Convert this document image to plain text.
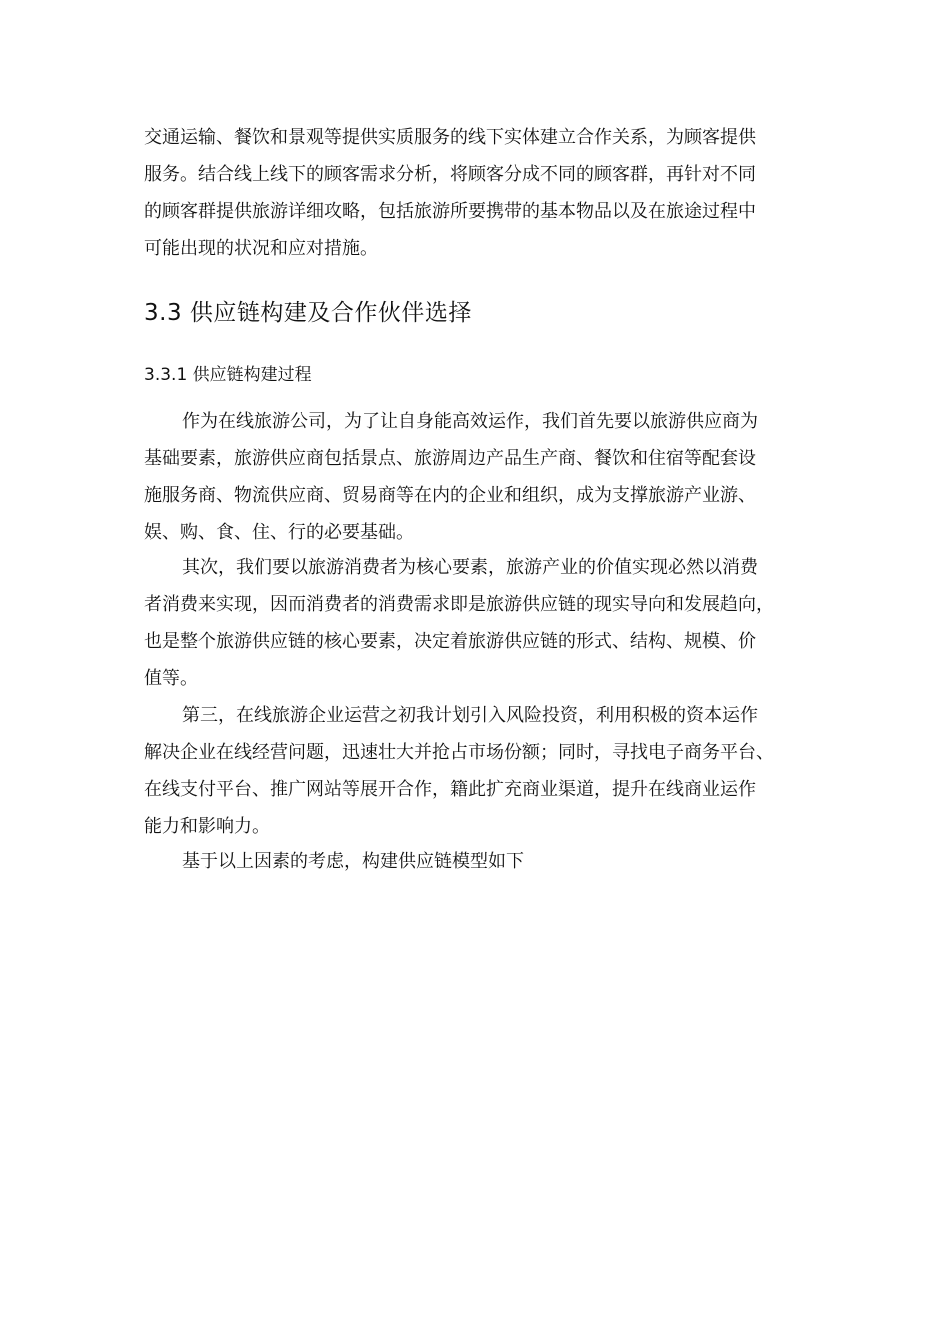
交通运输、餐饮和景观等提供实质服务的线下实体建立合作关系，为顾客提供
服务。结合线上线下的顾客需求分析，将顾客分成不同的顾客群，再针对不同
的顾客群提供旅游详细攻略，包括旅游所要携带的基本物品以及在旅途过程中
可能出现的状况和应对措施。

3.3 供应链构建及合作伙伴选择
3.3.1 供应链构建过程

作为在线旅游公司，为了让自身能高效运作，我们首先要以旅游供应商为
基础要素，旅游供应商包括景点、旅游周边产品生产商、餐饮和住宿等配套设
施服务商、物流供应商、贸易商等在内的企业和组织，成为支撑旅游产业游、
娱、购、食、住、行的必要基础。

其次，我们要以旅游消费者为核心要素，旅游产业的价值实现必然以消费
者消费来实现，因而消费者的消费需求即是旅游供应链的现实导向和发展趋向，
也是整个旅游供应链的核心要素，决定着旅游供应链的形式、结构、规模、价
值等。

第三，在线旅游企业运营之初我计划引入风险投资，利用积极的资本运作
解决企业在线经营问题，迅速壮大并抢占市场份额；同时，寻找电子商务平台、
在线支付平台、推广网站等展开合作，籍此扩充商业渠道，提升在线商业运作
能力和影响力。

基于以上因素的考虑，构建供应链模型如下
